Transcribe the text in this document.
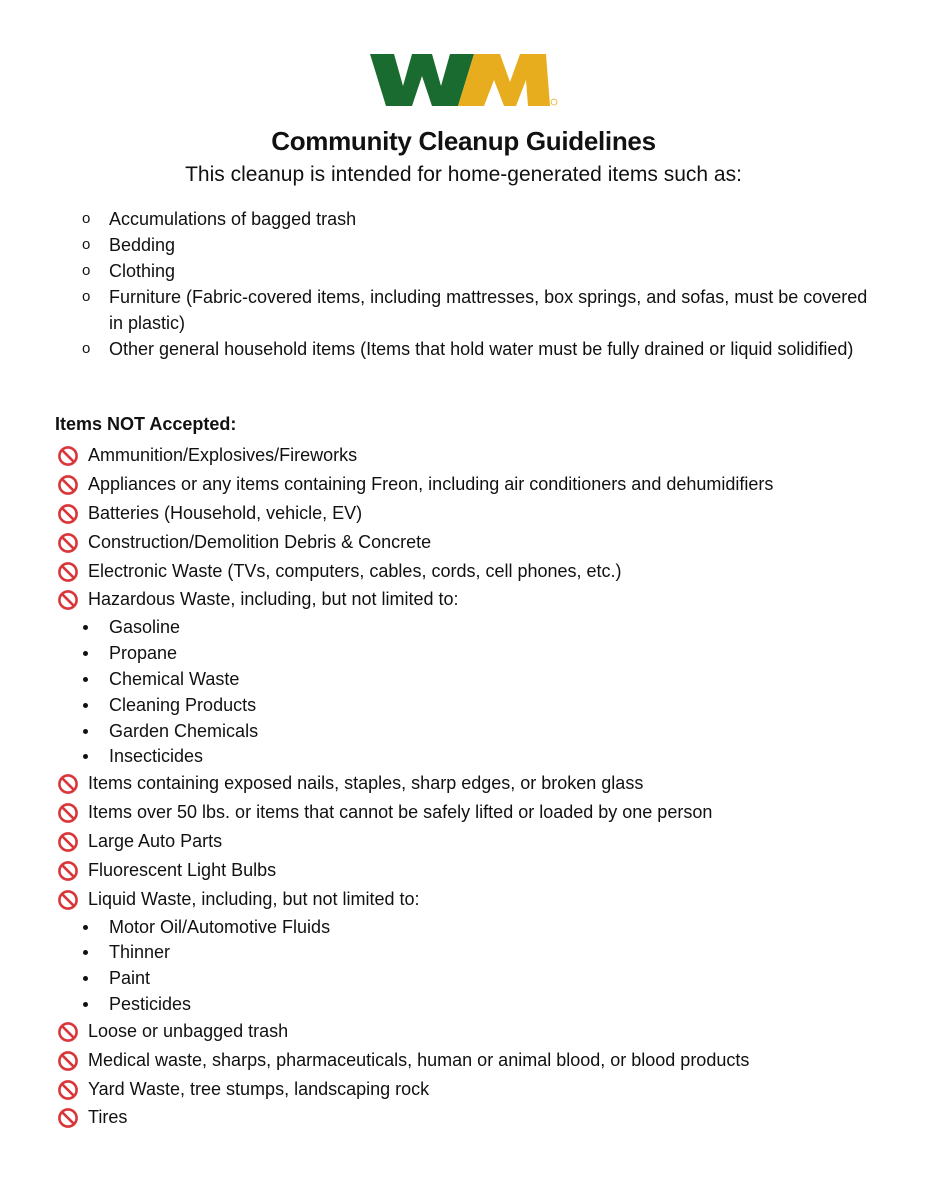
Community Cleanup Guidelines
This cleanup is intended for home-generated items such as:
o Accumulations of bagged trash
o Bedding
o Clothing
o Furniture (Fabric-covered items, including mattresses, box springs, and sofas, must be covered in plastic)
o Other general household items (Items that hold water must be fully drained or liquid solidified)
Items NOT Accepted:
Ammunition/Explosives/Fireworks
Appliances or any items containing Freon, including air conditioners and dehumidifiers
Batteries (Household, vehicle, EV)
Construction/Demolition Debris & Concrete
Electronic Waste (TVs, computers, cables, cords, cell phones, etc.)
Hazardous Waste, including, but not limited to:
Gasoline
Propane
Chemical Waste
Cleaning Products
Garden Chemicals
Insecticides
Items containing exposed nails, staples, sharp edges, or broken glass
Items over 50 lbs. or items that cannot be safely lifted or loaded by one person
Large Auto Parts
Fluorescent Light Bulbs
Liquid Waste, including, but not limited to:
Motor Oil/Automotive Fluids
Thinner
Paint
Pesticides
Loose or unbagged trash
Medical waste, sharps, pharmaceuticals, human or animal blood, or blood products
Yard Waste, tree stumps, landscaping rock
Tires
